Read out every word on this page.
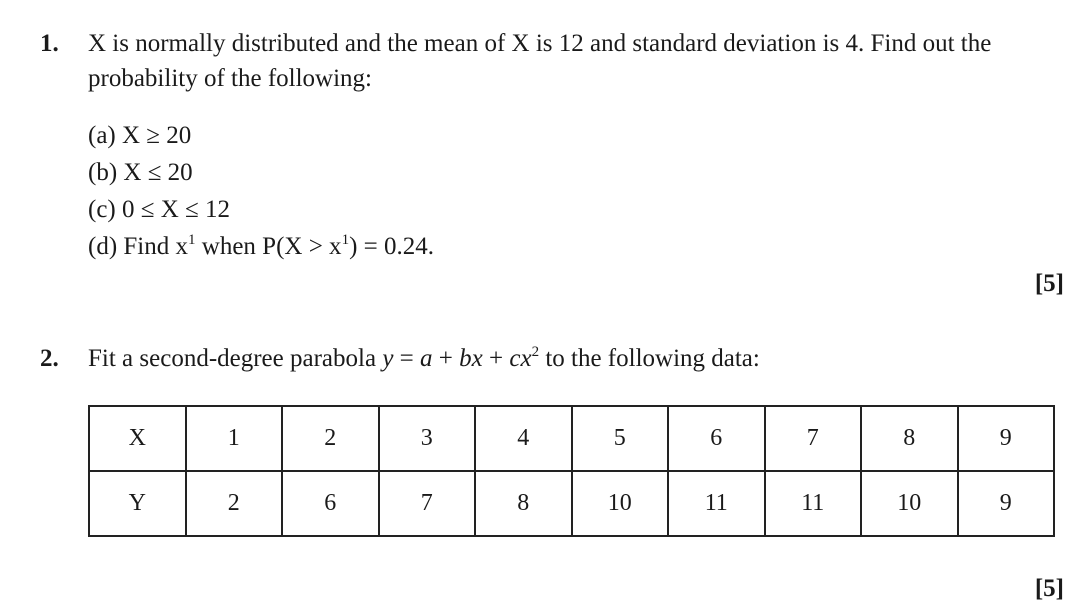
1. X is normally distributed and the mean of X is 12 and standard deviation is 4. Find out the
probability of the following:
(a) X ≥ 20
(b) X ≤ 20
(c) 0 ≤ X ≤ 12
(d) Find $x^1$ when $P(X > x^1) = 0.24$.
[5]
2. Fit a second-degree parabola y = a + bx + $cx^2$ to the following data:
X	1	2	3	4	5	6	7	8	9
Y	2	6	7	8	10	11	11	10	9
[5]
